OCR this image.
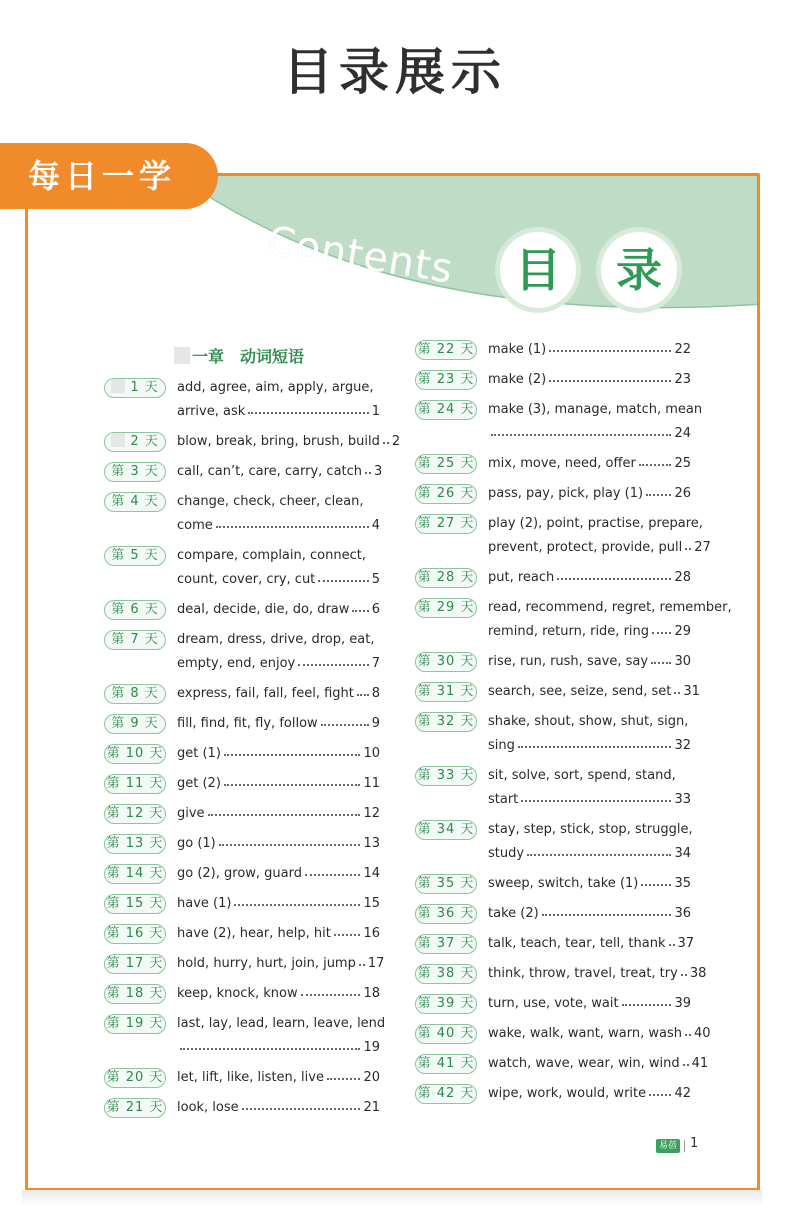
目录展示
Contents	目	录
一章　动词短语
1 天	add, agree, aim, apply, argue,
arrive, ask	1
2 天	blow, break, bring, brush, build 2
第 3 天	call, can’t, care, carry, catch 3
第 4 天	change, check, cheer, clean,
come	4
第 5 天	compare, complain, connect,
count, cover, cry, cut	5
第 6 天	deal, decide, die, do, draw 6
第 7 天	dream, dress, drive, drop, eat,
empty, end, enjoy	7
第 8 天	express, fail, fall, feel, fight 8
第 9 天	fill, find, fit, fly, follow	9
第 10 天 get (1)	10
第 11 天 get (2)	11
第 12 天 give	12
第 13 天 go (1)	13
第 14 天 go (2), grow, guard	14
第 15 天 have (1)	15
第 16 天 have (2), hear, help, hit	16
第 17 天 hold, hurry, hurt, join, jump 17
第 18 天 keep, knock, know	18
第 19 天 last, lay, lead, learn, leave, lend
19
第 20 天 let, lift, like, listen, live	20
第 21 天 look, lose	21
第 22 天 make (1)	22
第 23 天 make (2)	23
第 24 天 make (3), manage, match, mean
24
第 25 天 mix, move, need, offer	25
第 26 天 pass, pay, pick, play (1) 26
第 27 天 play (2), point, practise, prepare,
prevent, protect, provide, pull 27
第 28 天 put, reach	28
第 29 天 read, recommend, regret, remember,
remind, return, ride, ring 29
第 30 天 rise, run, rush, save, say 30
第 31 天 search, see, seize, send, set 31
第 32 天 shake, shout, show, shut, sign,
sing	32
第 33 天 sit, solve, sort, spend, stand,
start	33
第 34 天 stay, step, stick, stop, struggle,
study	34
第 35 天 sweep, switch, take (1)	35
第 36 天 take (2)	36
第 37 天 talk, teach, tear, tell, thank 37
第 38 天 think, throw, travel, treat, try 38
第 39 天 turn, use, vote, wait	39
第 40 天 wake, walk, want, warn, wash 40
第 41 天 watch, wave, wear, win, wind 41
第 42 天 wipe, work, would, write 42
易蓓 1
每日一学
